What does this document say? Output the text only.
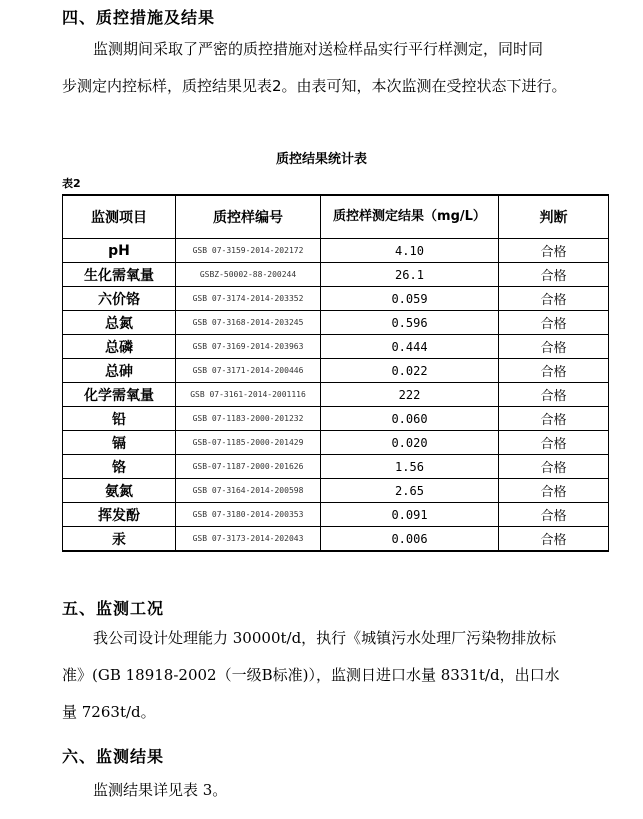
四、质控措施及结果
监测期间采取了严密的质控措施对送检样品实行平行样测定，同时同
步测定内控标样，质控结果见表2。由表可知，本次监测在受控状态下进行。
质控结果统计表
表2
监测项目	质控样编号	质控样测定结果（mg/L）	判断
pH	GSB 07-3159-2014-202172	4.10	合格
生化需氧量	GSBZ-50002-88-200244	26.1	合格
六价铬	GSB 07-3174-2014-203352	0.059	合格
总氮	GSB 07-3168-2014-203245	0.596	合格
总磷	GSB 07-3169-2014-203963	0.444	合格
总砷	GSB 07-3171-2014-200446	0.022	合格
化学需氧量	GSB 07-3161-2014-2001116	222	合格
铅	GSB 07-1183-2000-201232	0.060	合格
镉	GSB-07-1185-2000-201429	0.020	合格
铬	GSB-07-1187-2000-201626	1.56	合格
氨氮	GSB 07-3164-2014-200598	2.65	合格
挥发酚	GSB 07-3180-2014-200353	0.091	合格
汞	GSB 07-3173-2014-202043	0.006	合格
五、监测工况
我公司设计处理能力 30000t/d，执行《城镇污水处理厂污染物排放标
准》(GB 18918-2002（一级B标准)），监测日进口水量 8331t/d，出口水
量 7263t/d。
六、监测结果
监测结果详见表 3。
